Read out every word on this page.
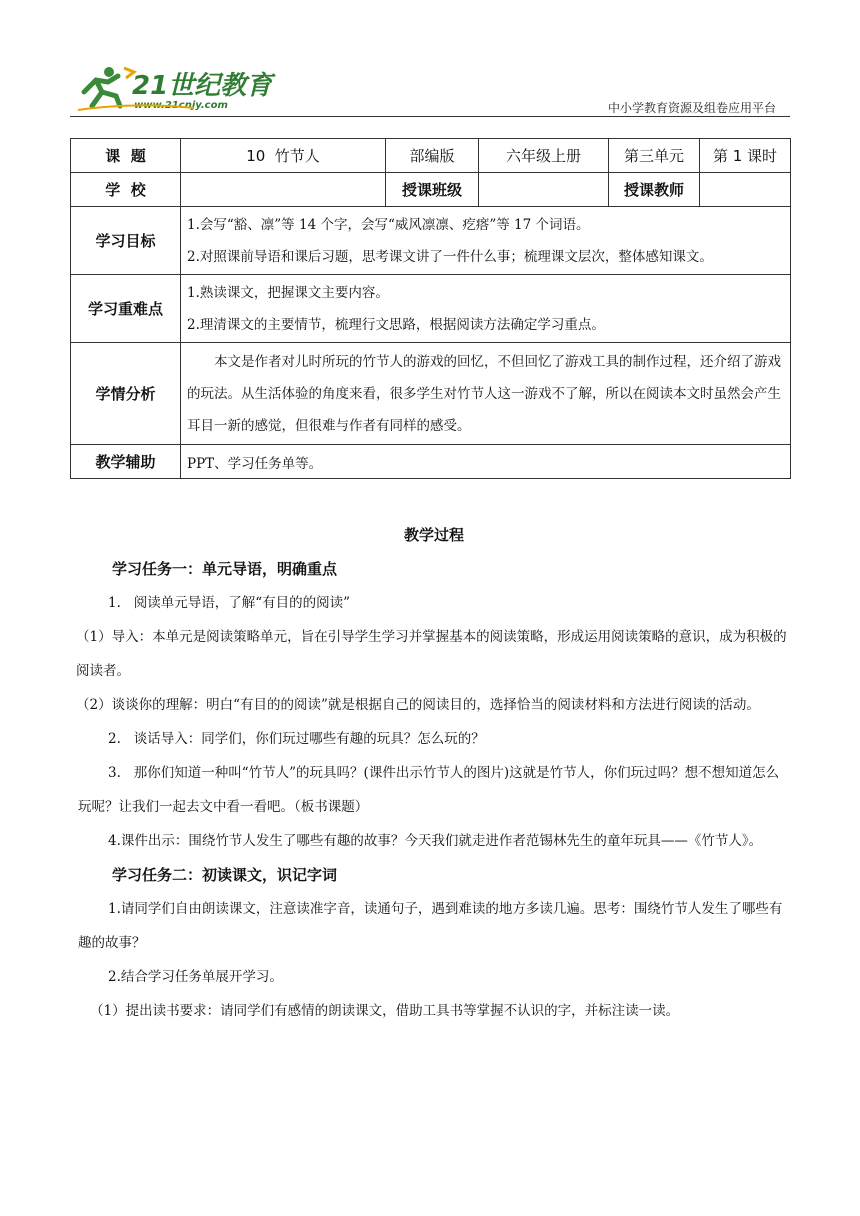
21世纪教育
www.21cnjy.com	中小学教育资源及组卷应用平台
课  题	10  竹节人	部编版	六年级上册	第三单元	第 1 课时
学  校		授课班级		授课教师	
学习目标	1.会写“豁、凛”等 14 个字，会写“威风凛凛、疙瘩”等 17 个词语。

2.对照课前导语和课后习题，思考课文讲了一件什么事；梳理课文层次，整体感知课文。				

学习重难点	1.熟读课文，把握课文主要内容。

2.理清课文的主要情节，梳理行文思路，根据阅读方法确定学习重点。				

学情分析	本文是作者对儿时所玩的竹节人的游戏的回忆，不但回忆了游戏工具的制作过程，还介绍了游戏的玩法。从生活体验的角度来看，很多学生对竹节人这一游戏不了解，所以在阅读本文时虽然会产生耳目一新的感觉，但很难与作者有同样的感受。				

教学辅助	PPT、学习任务单等。				

教学过程

学习任务一：单元导语，明确重点

1.   阅读单元导语，了解“有目的的阅读”

（1）导入：本单元是阅读策略单元，旨在引导学生学习并掌握基本的阅读策略，形成运用阅读策略的意识，成为积极的阅读者。

（2）谈谈你的理解：明白“有目的的阅读”就是根据自己的阅读目的，选择恰当的阅读材料和方法进行阅读的活动。

2.   谈话导入：同学们，你们玩过哪些有趣的玩具？怎么玩的？

3.   那你们知道一种叫“竹节人”的玩具吗？(课件出示竹节人的图片)这就是竹节人，你们玩过吗？想不想知道怎么玩呢？让我们一起去文中看一看吧。（板书课题）

4.课件出示：围绕竹节人发生了哪些有趣的故事？今天我们就走进作者范锡林先生的童年玩具——《竹节人》。

学习任务二：初读课文，识记字词

1.请同学们自由朗读课文，注意读准字音，读通句子，遇到难读的地方多读几遍。思考：围绕竹节人发生了哪些有趣的故事？

2.结合学习任务单展开学习。

（1）提出读书要求：请同学们有感情的朗读课文，借助工具书等掌握不认识的字，并标注读一读。
